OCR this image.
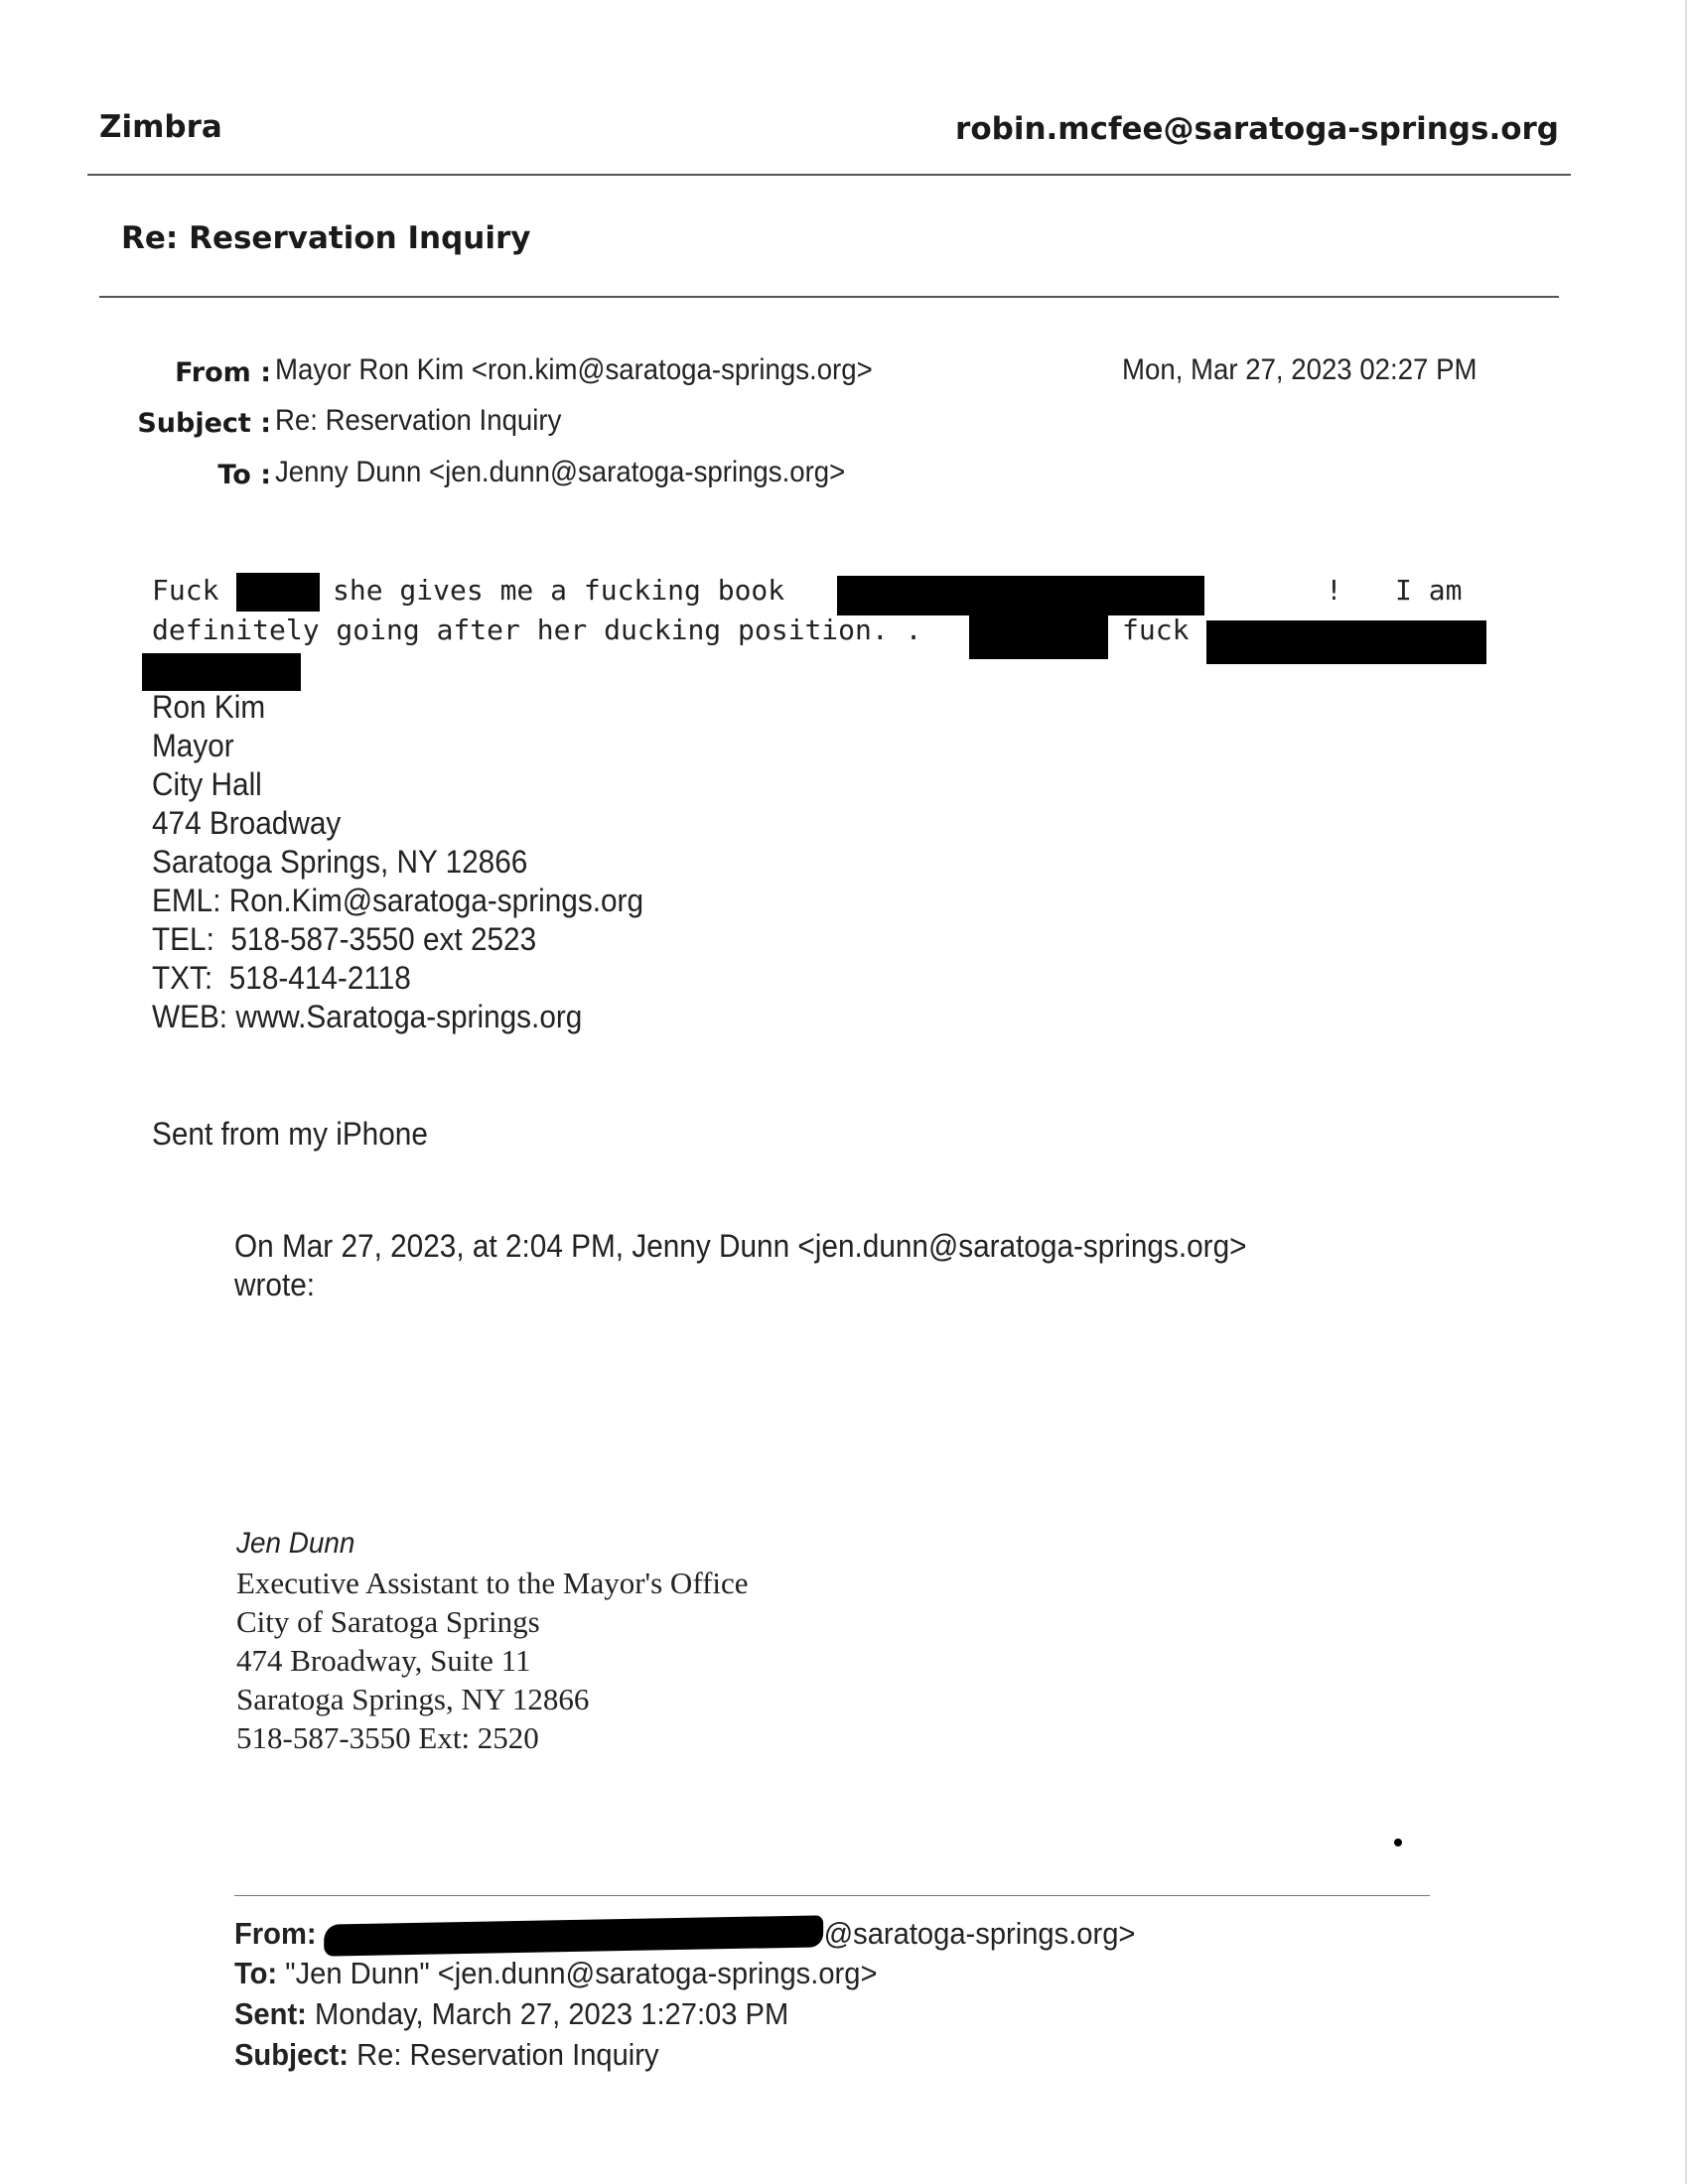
Zimbra	robin.mcfee@saratoga-springs.org
Re: Reservation Inquiry
From : Mayor Ron Kim <ron.kim@saratoga-springs.org>	Mon, Mar 27, 2023 02:27 PM
Subject : Re: Reservation Inquiry
To : Jenny Dunn <jen.dunn@saratoga-springs.org>
Fuck	she gives me a fucking book	! I am
definitely going after her ducking position. .	fuck
Ron Kim
Mayor
City Hall
474 Broadway
Saratoga Springs, NY 12866
EML: Ron.Kim@saratoga-springs.org
TEL:  518-587-3550 ext 2523
TXT:  518-414-2118
WEB: www.Saratoga-springs.org
Sent from my iPhone
On Mar 27, 2023, at 2:04 PM, Jenny Dunn <jen.dunn@saratoga-springs.org>
wrote:
Jen Dunn
Executive Assistant to the Mayor's Office
City of Saratoga Springs
474 Broadway, Suite 11
Saratoga Springs, NY 12866
518-587-3550 Ext: 2520
From:	@saratoga-springs.org>
To: "Jen Dunn" <jen.dunn@saratoga-springs.org>
Sent: Monday, March 27, 2023 1:27:03 PM
Subject: Re: Reservation Inquiry
